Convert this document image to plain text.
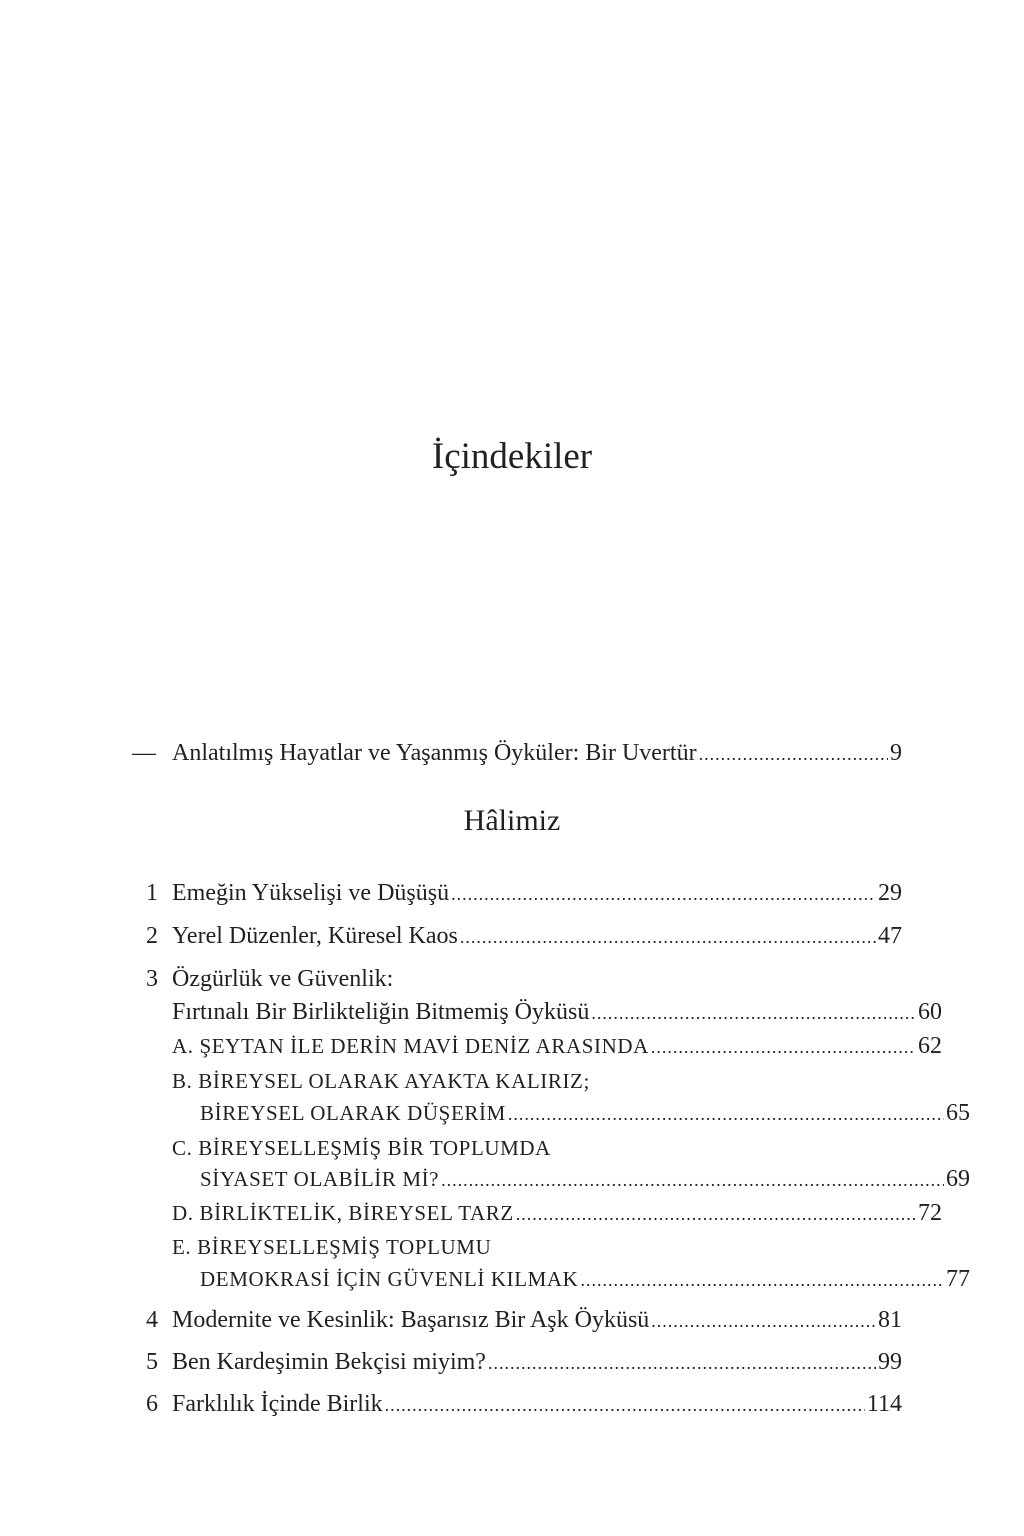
İçindekiler
— Anlatılmış Hayatlar ve Yaşanmış Öyküler: Bir Uvertür .....	9
1 Emeğin Yükselişi ve Düşüşü .....	29
2 Yerel Düzenler, Küresel Kaos .....	47
3 Özgürlük ve Güvenlik:
Fırtınalı Bir Birlikteliğin Bitmemiş Öyküsü .....	60
A. ŞEYTAN İLE DERİN MAVİ DENİZ ARASINDA .....	62
B. BİREYSEL OLARAK AYAKTA KALIRIZ;
BİREYSEL OLARAK DÜŞERİM .....	65
C. BİREYSELLEŞMİŞ BİR TOPLUMDA
SİYASET OLABİLİR Mİ? .....	69
D. BİRLİKTELİK, BİREYSEL TARZ .....	72
E. BİREYSELLEŞMİŞ TOPLUMU
DEMOKRASİ İÇİN GÜVENLİ KILMAK .....	77
4 Modernite ve Kesinlik: Başarısız Bir Aşk Öyküsü .....	81
5 Ben Kardeşimin Bekçisi miyim? .....	99
6 Farklılık İçinde Birlik .....	114
Hâlimiz
